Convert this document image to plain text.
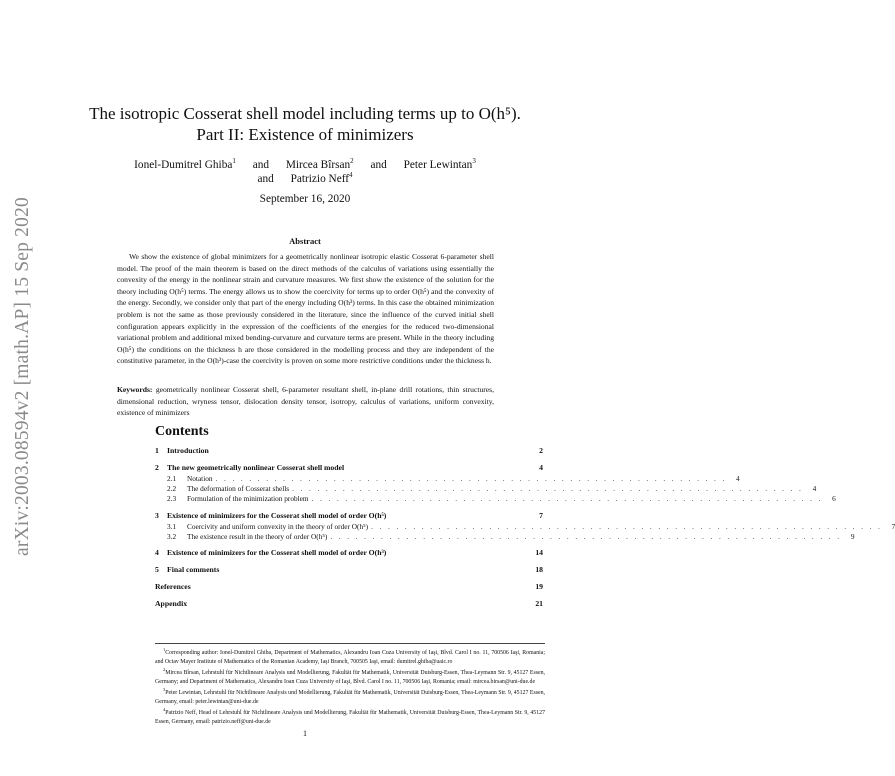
arXiv:2003.08594v2 [math.AP] 15 Sep 2020
The isotropic Cosserat shell model including terms up to O(h⁵).
Part II: Existence of minimizers
Ionel-Dumitrel Ghiba$^1$ and Mircea Bîrsan$^2$ and Peter Lewintan$^3$
and Patrizio Neff$^4$
September 16, 2020
Abstract
We show the existence of global minimizers for a geometrically nonlinear isotropic elastic Cosserat 6-parameter shell model. The proof of the main theorem is based on the direct methods of the calculus of variations using essentially the convexity of the energy in the nonlinear strain and curvature measures. We first show the existence of the solution for the theory including O(h⁵) terms. The energy allows us to show the coercivity for terms up to order O(h⁵) and the convexity of the energy. Secondly, we consider only that part of the energy including O(h³) terms. In this case the obtained minimization problem is not the same as those previously considered in the literature, since the influence of the curved initial shell configuration appears explicitly in the expression of the coefficients of the energies for the reduced two-dimensional variational problem and additional mixed bending-curvature and curvature terms are present. While in the theory including O(h⁵) the conditions on the thickness h are those considered in the modelling process and they are independent of the constitutive parameter, in the O(h³)-case the coercivity is proven on some more restrictive conditions under the thickness h.
Keywords: geometrically nonlinear Cosserat shell, 6-parameter resultant shell, in-plane drill rotations, thin structures, dimensional reduction, wryness tensor, dislocation density tensor, isotropy, calculus of variations, uniform convexity, existence of minimizers
Contents
1	Introduction	2
2	The new geometrically nonlinear Cosserat shell model	4
2.1	Notation . . . . . . . . . . . . . . . . . . . . . . . . . . . . . . . . . . . . . . . . . . . . . . . . . . . . . . . . . . . . .	4
2.2	The deformation of Cosserat shells . . . . . . . . . . . . . . . . . . . . . . . . . . . . . . . . . . . . . . . . . . . . . . . . . . . . . . . . . . . . .	4
2.3	Formulation of the minimization problem . . . . . . . . . . . . . . . . . . . . . . . . . . . . . . . . . . . . . . . . . . . . . . . . . . . . . . . . . . . . .	6
3	Existence of minimizers for the Cosserat shell model of order O(h⁵)	7
3.1	Coercivity and uniform convexity in the theory of order O(h⁵) . . . . . . . . . . . . . . . . . . . . . . . . . . . . . . . . . . . . . . . . . . . . . . . . . . . . . . . . . . . . .	7
3.2	The existence result in the theory of order O(h⁵) . . . . . . . . . . . . . . . . . . . . . . . . . . . . . . . . . . . . . . . . . . . . . . . . . . . . . . . . . . . . .	9
4	Existence of minimizers for the Cosserat shell model of order O(h³)	14
5	Final comments	18
References	19
Appendix	21
$^1$Corresponding author: Ionel-Dumitrel Ghiba, Department of Mathematics, Alexandru Ioan Cuza University of Iaşi, Blvd. Carol I no. 11, 700506 Iaşi, Romania; and Octav Mayer Institute of Mathematics of the Romanian Academy, Iaşi Branch, 700505 Iaşi, email: dumitrel.ghiba@uaic.ro
$^2$Mircea Bîrsan, Lehrstuhl für Nichtlineare Analysis und Modellierung, Fakultät für Mathematik, Universität Duisburg-Essen, Thea-Leymann Str. 9, 45127 Essen, Germany; and Department of Mathematics, Alexandru Ioan Cuza University of Iaşi, Blvd. Carol I no. 11, 700506 Iaşi, Romania; email: mircea.birsan@uni-due.de
$^3$Peter Lewintan, Lehrstuhl für Nichtlineare Analysis und Modellierung, Fakultät für Mathematik, Universität Duisburg-Essen, Thea-Leymann Str. 9, 45127 Essen, Germany, email: peter.lewintan@uni-due.de
$^4$Patrizio Neff, Head of Lehrstuhl für Nichtlineare Analysis und Modellierung, Fakultät für Mathematik, Universität Duisburg-Essen, Thea-Leymann Str. 9, 45127 Essen, Germany, email: patrizio.neff@uni-due.de
1
